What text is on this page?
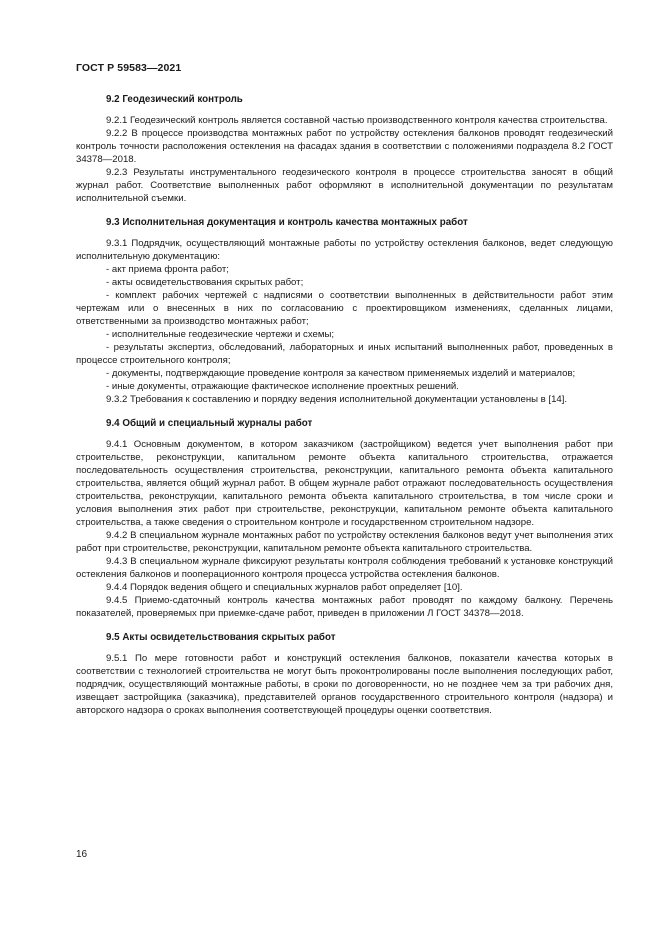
ГОСТ Р 59583—2021
9.2 Геодезический контроль

9.2.1 Геодезический контроль является составной частью производственного контроля качества строительства.

9.2.2 В процессе производства монтажных работ по устройству остекления балконов проводят геодезический контроль точности расположения остекления на фасадах здания в соответствии с положениями подраздела 8.2 ГОСТ 34378—2018.

9.2.3 Результаты инструментального геодезического контроля в процессе строительства заносят в общий журнал работ. Соответствие выполненных работ оформляют в исполнительной документации по результатам исполнительной съемки.

9.3 Исполнительная документация и контроль качества монтажных работ

9.3.1 Подрядчик, осуществляющий монтажные работы по устройству остекления балконов, ведет следующую исполнительную документацию:

- акт приема фронта работ;

- акты освидетельствования скрытых работ;

- комплект рабочих чертежей с надписями о соответствии выполненных в действительности работ этим чертежам или о внесенных в них по согласованию с проектировщиком изменениях, сделанных лицами, ответственными за производство монтажных работ;

- исполнительные геодезические чертежи и схемы;

- результаты экспертиз, обследований, лабораторных и иных испытаний выполненных работ, проведенных в процессе строительного контроля;

- документы, подтверждающие проведение контроля за качеством применяемых изделий и материалов;

- иные документы, отражающие фактическое исполнение проектных решений.

9.3.2 Требования к составлению и порядку ведения исполнительной документации установлены в [14].

9.4 Общий и специальный журналы работ

9.4.1 Основным документом, в котором заказчиком (застройщиком) ведется учет выполнения работ при строительстве, реконструкции, капитальном ремонте объекта капитального строительства, отражается последовательность осуществления строительства, реконструкции, капитального ремонта объекта капитального строительства, является общий журнал работ. В общем журнале работ отражают последовательность осуществления строительства, реконструкции, капитального ремонта объекта капитального строительства, в том числе сроки и условия выполнения этих работ при строительстве, реконструкции, капитальном ремонте объекта капитального строительства, а также сведения о строительном контроле и государственном строительном надзоре.

9.4.2 В специальном журнале монтажных работ по устройству остекления балконов ведут учет выполнения этих работ при строительстве, реконструкции, капитальном ремонте объекта капитального строительства.

9.4.3 В специальном журнале фиксируют результаты контроля соблюдения требований к установке конструкций остекления балконов и пооперационного контроля процесса устройства остекления балконов.

9.4.4 Порядок ведения общего и специальных журналов работ определяет [10].

9.4.5 Приемо-сдаточный контроль качества монтажных работ проводят по каждому балкону. Перечень показателей, проверяемых при приемке-сдаче работ, приведен в приложении Л ГОСТ 34378—2018.

9.5 Акты освидетельствования скрытых работ

9.5.1 По мере готовности работ и конструкций остекления балконов, показатели качества которых в соответствии с технологией строительства не могут быть проконтролированы после выполнения последующих работ, подрядчик, осуществляющий монтажные работы, в сроки по договоренности, но не позднее чем за три рабочих дня, извещает застройщика (заказчика), представителей органов государственного строительного контроля (надзора) и авторского надзора о сроках выполнения соответствующей процедуры оценки соответствия.

16
